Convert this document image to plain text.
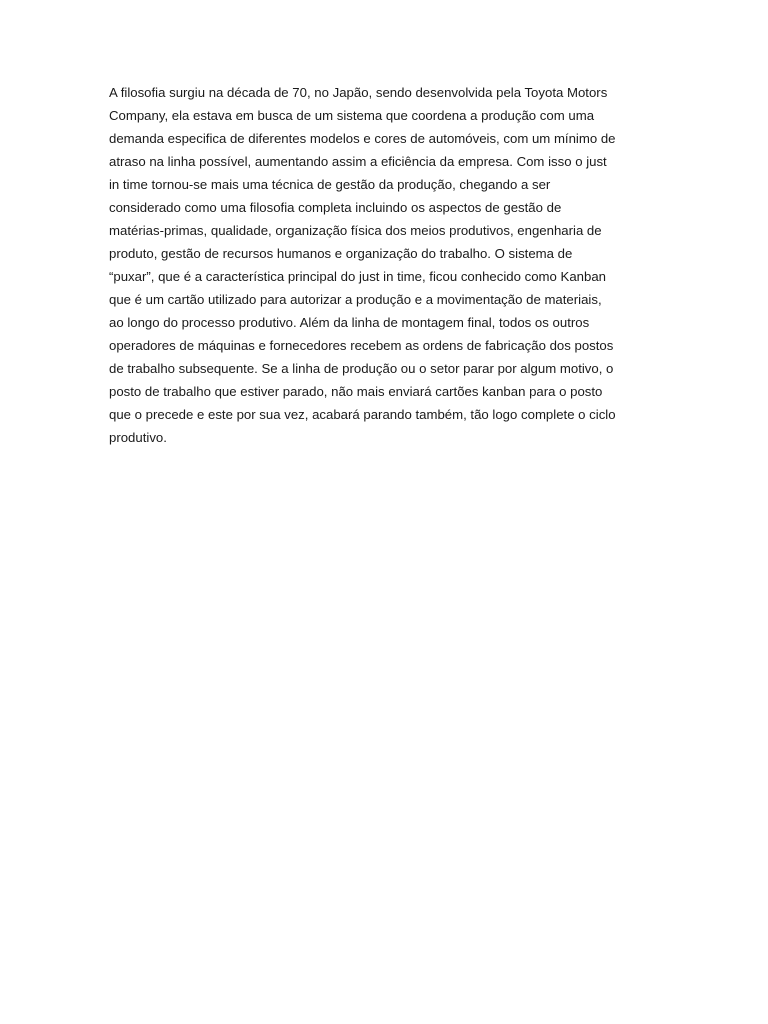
A filosofia surgiu na década de 70, no Japão, sendo desenvolvida pela Toyota Motors
Company, ela estava em busca de um sistema que coordena a produção com uma
demanda especifica de diferentes modelos e cores de automóveis, com um mínimo de
atraso na linha possível, aumentando assim a eficiência da empresa. Com isso o just
in time tornou-se mais uma técnica de gestão da produção, chegando a ser
considerado como uma filosofia completa incluindo os aspectos de gestão de
matérias-primas, qualidade, organização física dos meios produtivos, engenharia de
produto, gestão de recursos humanos e organização do trabalho. O sistema de
“puxar”, que é a característica principal do just in time, ficou conhecido como Kanban
que é um cartão utilizado para autorizar a produção e a movimentação de materiais,
ao longo do processo produtivo. Além da linha de montagem final, todos os outros
operadores de máquinas e fornecedores recebem as ordens de fabricação dos postos
de trabalho subsequente. Se a linha de produção ou o setor parar por algum motivo, o
posto de trabalho que estiver parado, não mais enviará cartões kanban para o posto
que o precede e este por sua vez, acabará parando também, tão logo complete o ciclo
produtivo.
